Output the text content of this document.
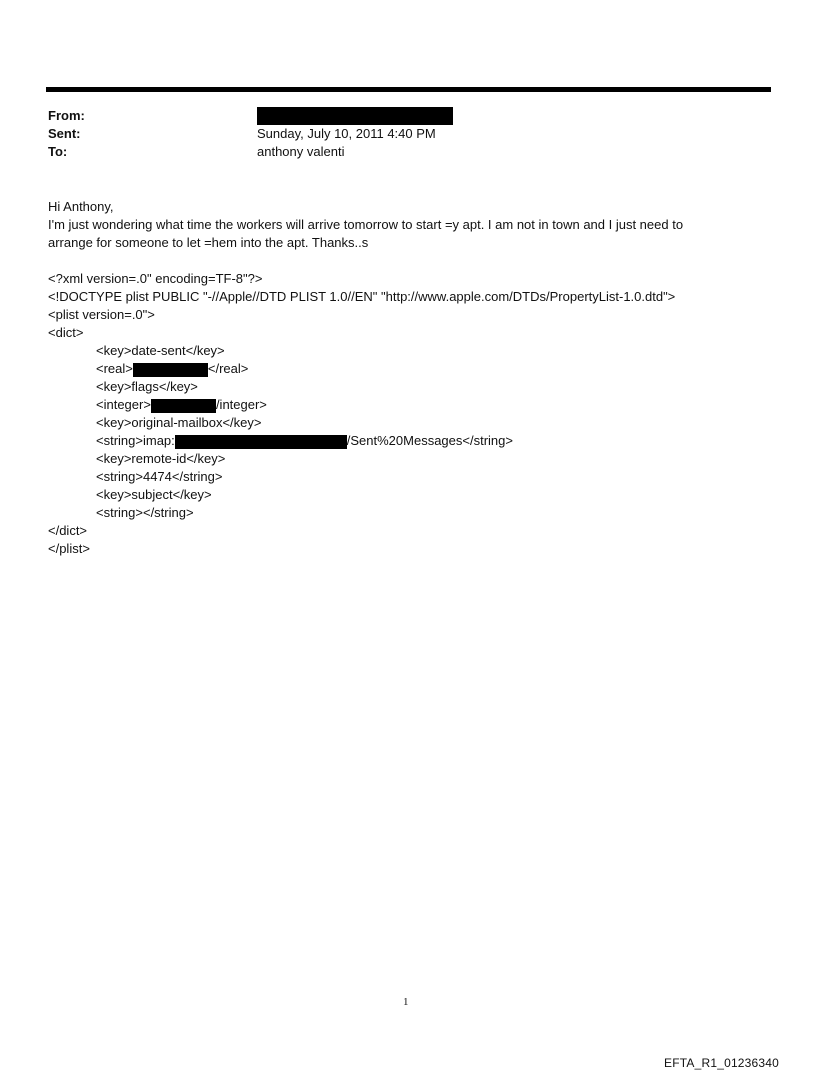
From:
Sent:	Sunday, July 10, 2011 4:40 PM
To:	anthony valenti
Hi Anthony,
I'm just wondering what time the workers will arrive tomorrow to start =y apt. I am not in town and I just need to
arrange for someone to let =hem into the apt. Thanks..s
<?xml version=.0" encoding=TF-8"?>
<!DOCTYPE plist PUBLIC "-//Apple//DTD PLIST 1.0//EN" "http://www.apple.com/DTDs/PropertyList-1.0.dtd">
<plist version=.0">
<dict>
<key>date-sent</key>
<real>	</real>
<key>flags</key>
<integer>	/integer>
<key>original-mailbox</key>
<string>imap:	/Sent%20Messages</string>
<key>remote-id</key>
<string>4474</string>
<key>subject</key>
<string></string>
</dict>
</plist>
1
EFTA_R1_01236340
